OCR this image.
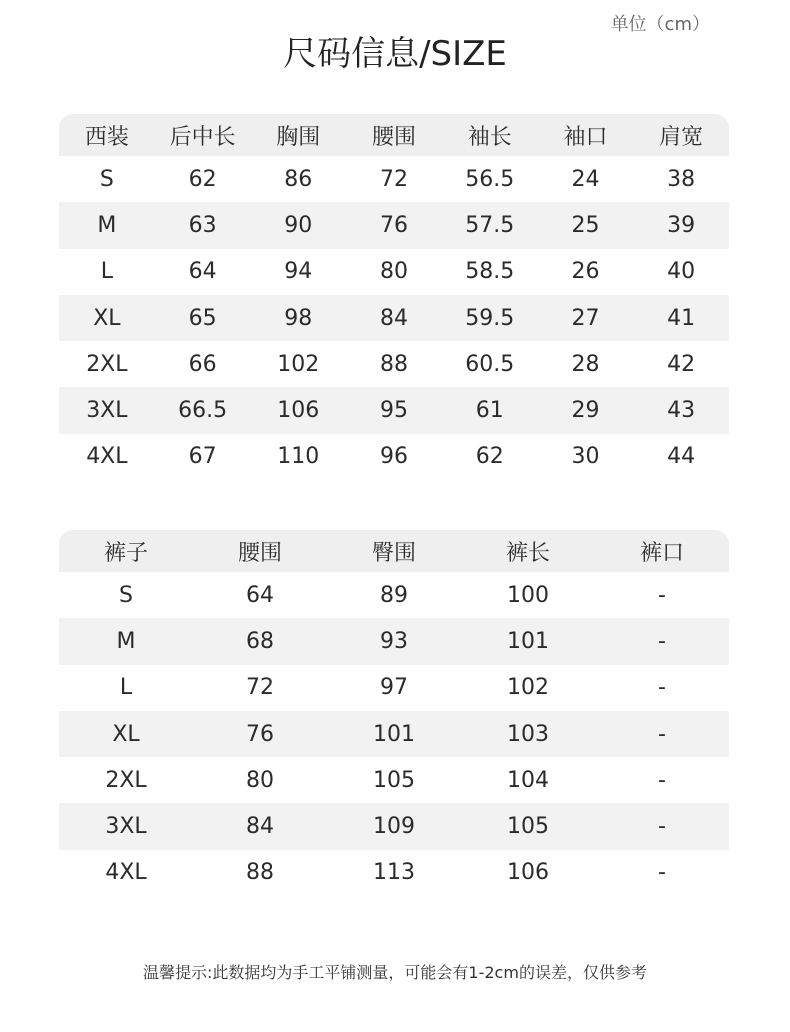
单位（cm）
尺码信息/SIZE
西装	后中长	胸围	腰围	袖长	袖口	肩宽
S	62	86	72	56.5	24	38
M	63	90	76	57.5	25	39
L	64	94	80	58.5	26	40
XL	65	98	84	59.5	27	41
2XL	66	102	88	60.5	28	42
3XL	66.5	106	95	61	29	43
4XL	67	110	96	62	30	44
裤子	腰围	臀围	裤长	裤口
S	64	89	100	-
M	68	93	101	-
L	72	97	102	-
XL	76	101	103	-
2XL	80	105	104	-
3XL	84	109	105	-
4XL	88	113	106	-
温馨提示:此数据均为手工平铺测量，可能会有1-2cm的误差，仅供参考
